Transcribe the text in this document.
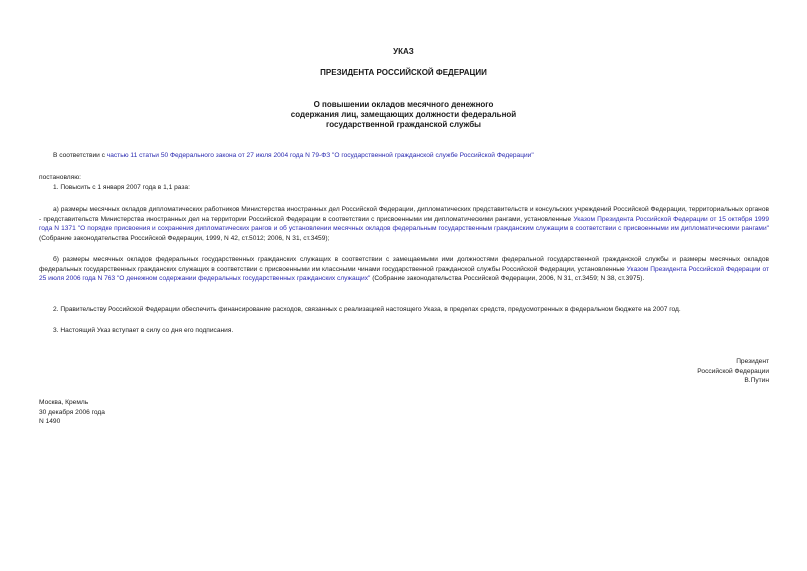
УКАЗ
ПРЕЗИДЕНТА РОССИЙСКОЙ ФЕДЕРАЦИИ
О повышении окладов месячного денежного
содержания лиц, замещающих должности федеральной
государственной гражданской службы
В соответствии с частью 11 статьи 50 Федерального закона от 27 июля 2004 года N 79-ФЗ "О государственной гражданской службе Российской Федерации"
постановляю:
1. Повысить с 1 января 2007 года в 1,1 раза:
а) размеры месячных окладов дипломатических работников Министерства иностранных дел Российской Федерации, дипломатических представительств и консульских учреждений Российской Федерации, территориальных органов - представительств Министерства иностранных дел на территории Российской Федерации в соответствии с присвоенными им дипломатическими рангами, установленные Указом Президента Российской Федерации от 15 октября 1999 года N 1371 "О порядке присвоения и сохранения дипломатических рангов и об установлении месячных окладов федеральным государственным гражданским служащим в соответствии с присвоенными им дипломатическими рангами" (Собрание законодательства Российской Федерации, 1999, N 42, ст.5012; 2006, N 31, ст.3459);
б) размеры месячных окладов федеральных государственных гражданских служащих в соответствии с замещаемыми ими должностями федеральной государственной гражданской службы и размеры месячных окладов федеральных государственных гражданских служащих в соответствии с присвоенными им классными чинами государственной гражданской службы Российской Федерации, установленные Указом Президента Российской Федерации от 25 июля 2006 года N 763 "О денежном содержании федеральных государственных гражданских служащих" (Собрание законодательства Российской Федерации, 2006, N 31, ст.3459; N 38, ст.3975).
2. Правительству Российской Федерации обеспечить финансирование расходов, связанных с реализацией настоящего Указа, в пределах средств, предусмотренных в федеральном бюджете на 2007 год.
3. Настоящий Указ вступает в силу со дня его подписания.
Президент
Российской Федерации
В.Путин
Москва, Кремль
30 декабря 2006 года
N 1490
